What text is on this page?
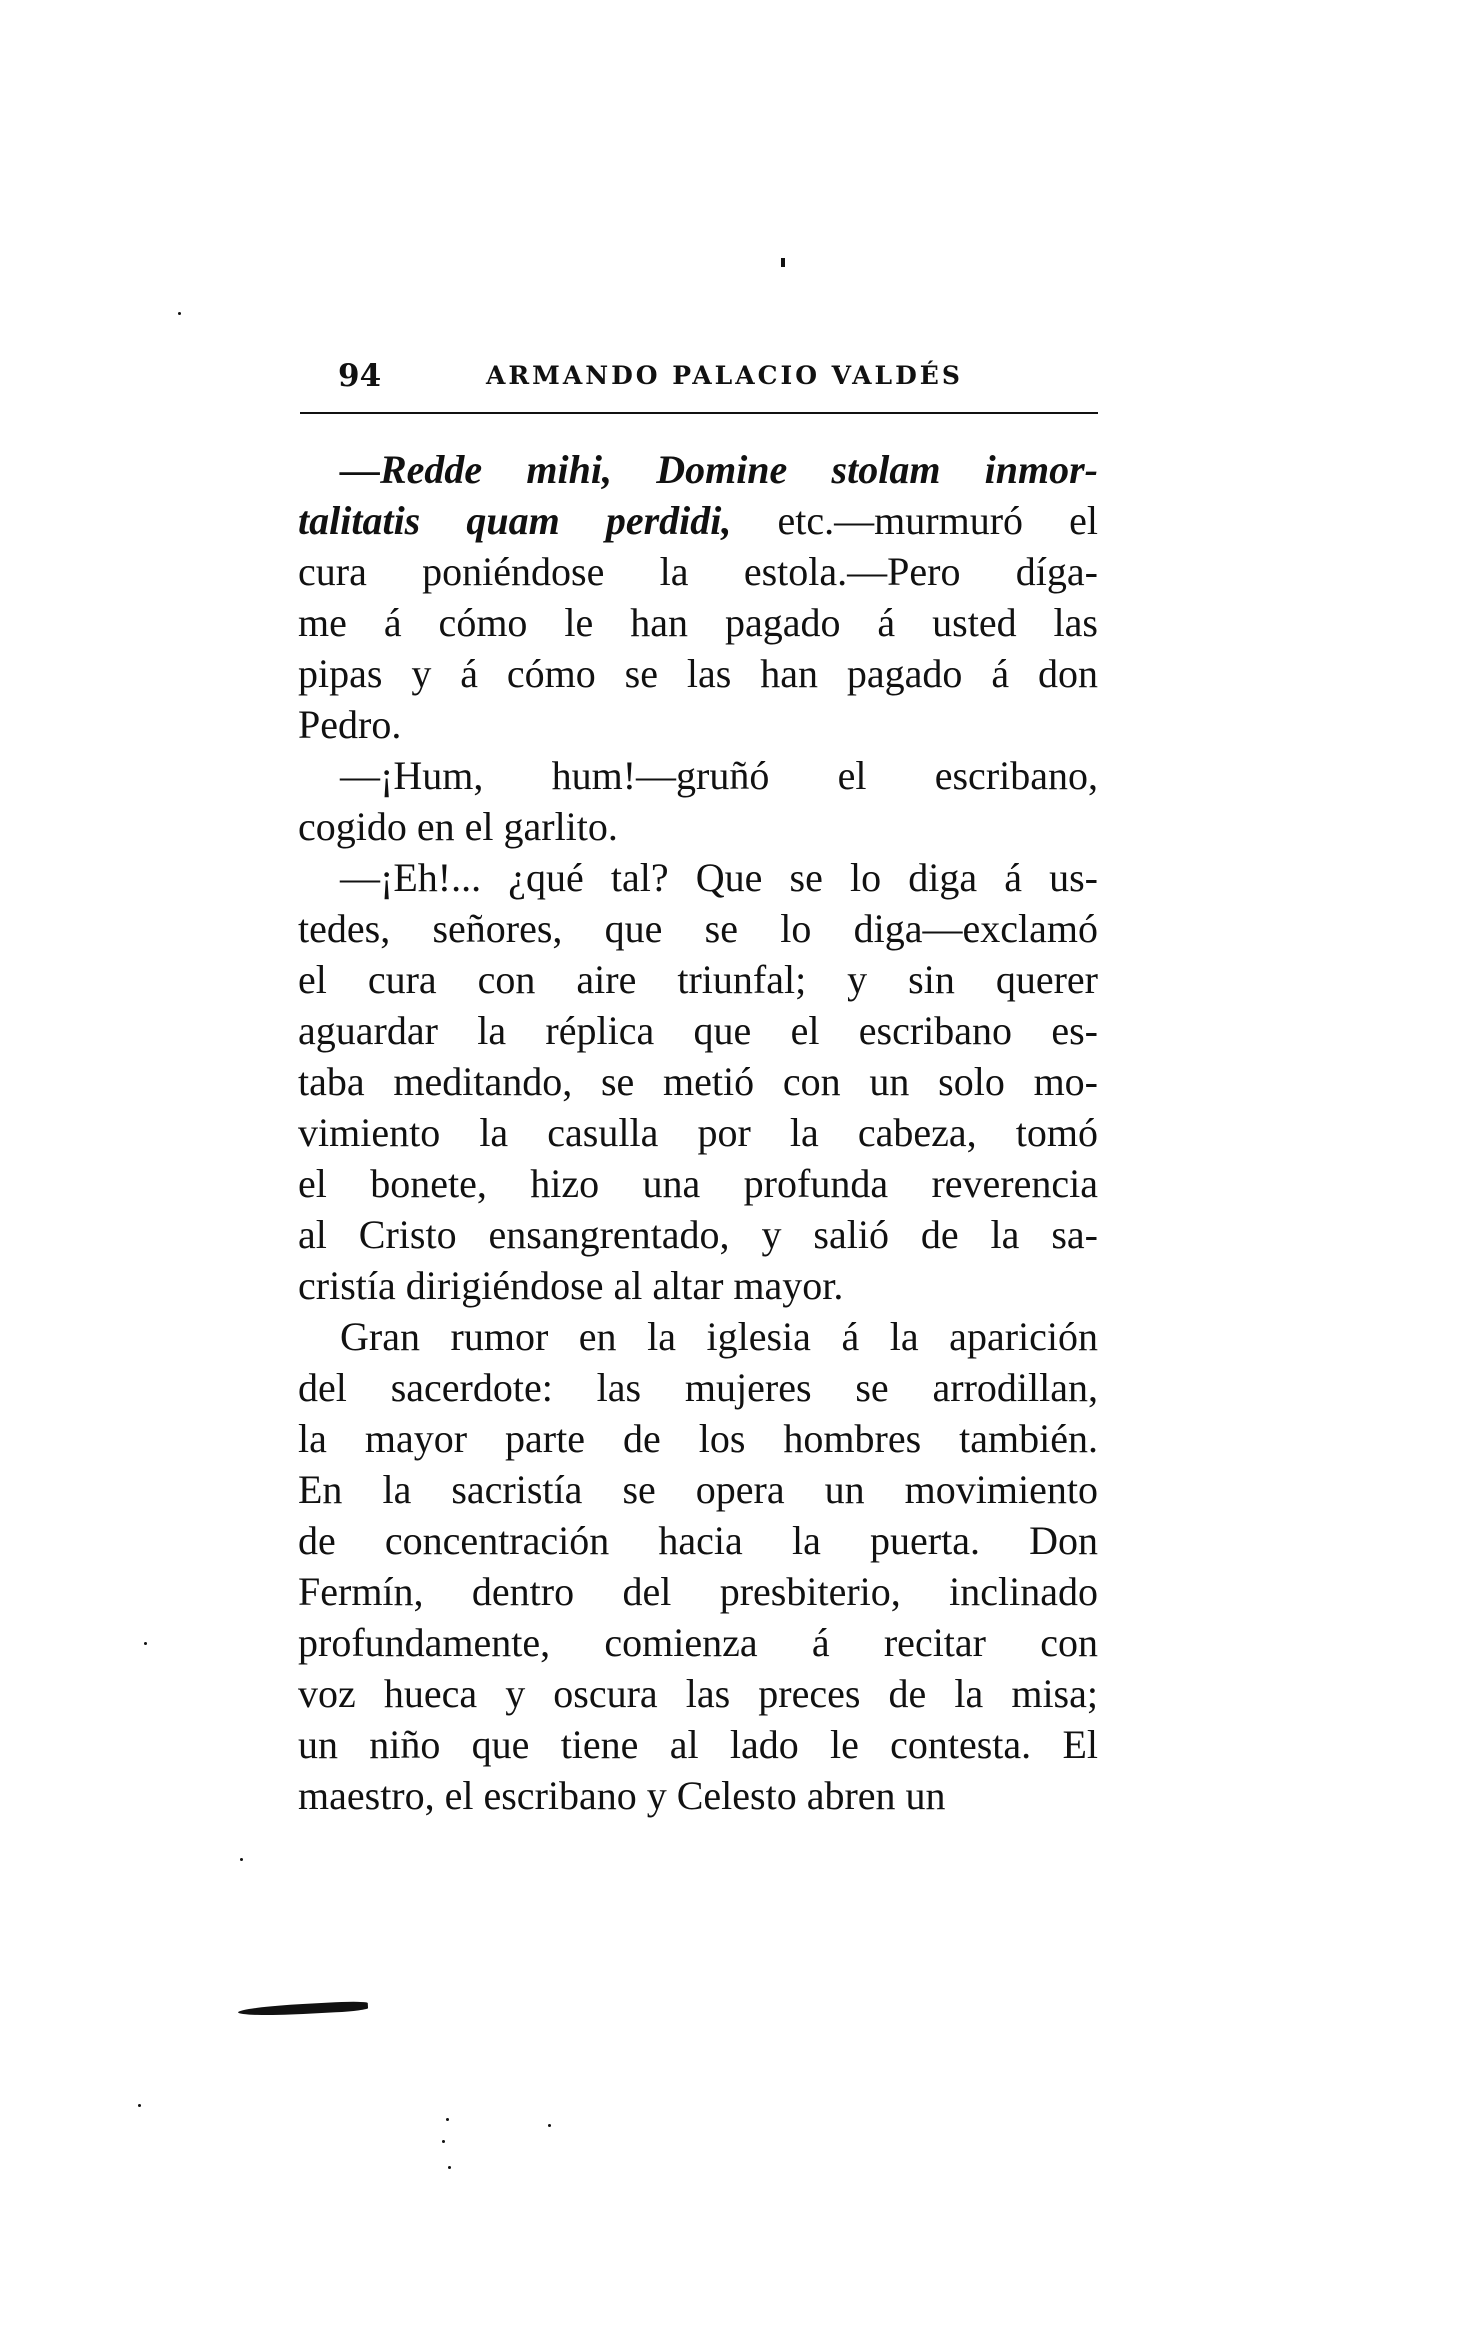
94	ARMANDO PALACIO VALDÉS
—Redde mihi, Domine stolam inmor-
talitatis quam perdidi, etc.—murmuró el
cura poniéndose la estola.—Pero díga-
me á cómo le han pagado á usted las
pipas y á cómo se las han pagado á don
Pedro.
—¡Hum, hum!—gruñó el escribano,
cogido en el garlito.
—¡Eh!... ¿qué tal? Que se lo diga á us-
tedes, señores, que se lo diga—exclamó
el cura con aire triunfal; y sin querer
aguardar la réplica que el escribano es-
taba meditando, se metió con un solo mo-
vimiento la casulla por la cabeza, tomó
el bonete, hizo una profunda reverencia
al Cristo ensangrentado, y salió de la sa-
cristía dirigiéndose al altar mayor.
Gran rumor en la iglesia á la aparición
del sacerdote: las mujeres se arrodillan,
la mayor parte de los hombres también.
En la sacristía se opera un movimiento
de concentración hacia la puerta. Don
Fermín, dentro del presbiterio, inclinado
profundamente, comienza á recitar con
voz hueca y oscura las preces de la misa;
un niño que tiene al lado le contesta. El
maestro, el escribano y Celesto abren un
